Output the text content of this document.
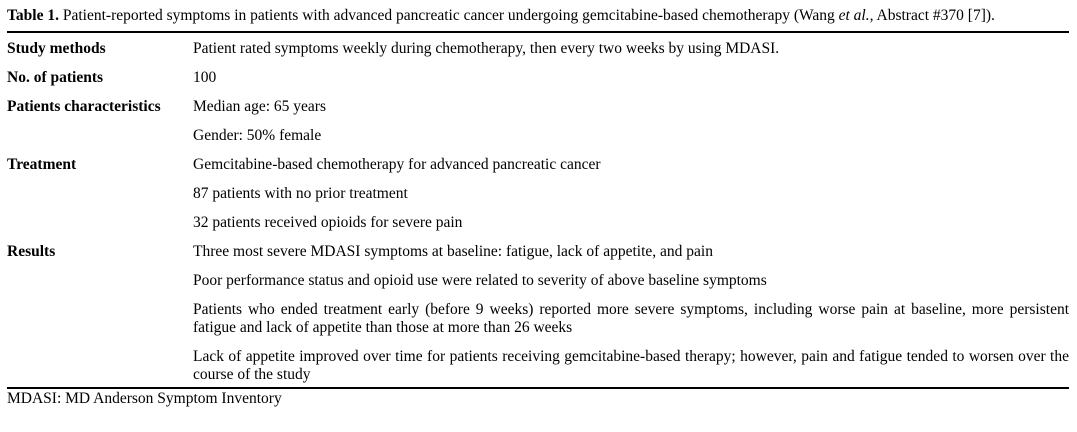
Table 1. Patient-reported symptoms in patients with advanced pancreatic cancer undergoing gemcitabine-based chemotherapy (Wang et al., Abstract #370 [7]).

Study methods	Patient rated symptoms weekly during chemotherapy, then every two weeks by using MDASI.
No. of patients	100
Patients characteristics	Median age: 65 years
Gender: 50% female
Treatment	Gemcitabine-based chemotherapy for advanced pancreatic cancer
87 patients with no prior treatment
32 patients received opioids for severe pain
Results	Three most severe MDASI symptoms at baseline: fatigue, lack of appetite, and pain
Poor performance status and opioid use were related to severity of above baseline symptoms
Patients who ended treatment early (before 9 weeks) reported more severe symptoms, including worse pain at baseline, more persistent fatigue and lack of appetite than those at more than 26 weeks
Lack of appetite improved over time for patients receiving gemcitabine-based therapy; however, pain and fatigue tended to worsen over the course of the study
MDASI: MD Anderson Symptom Inventory
